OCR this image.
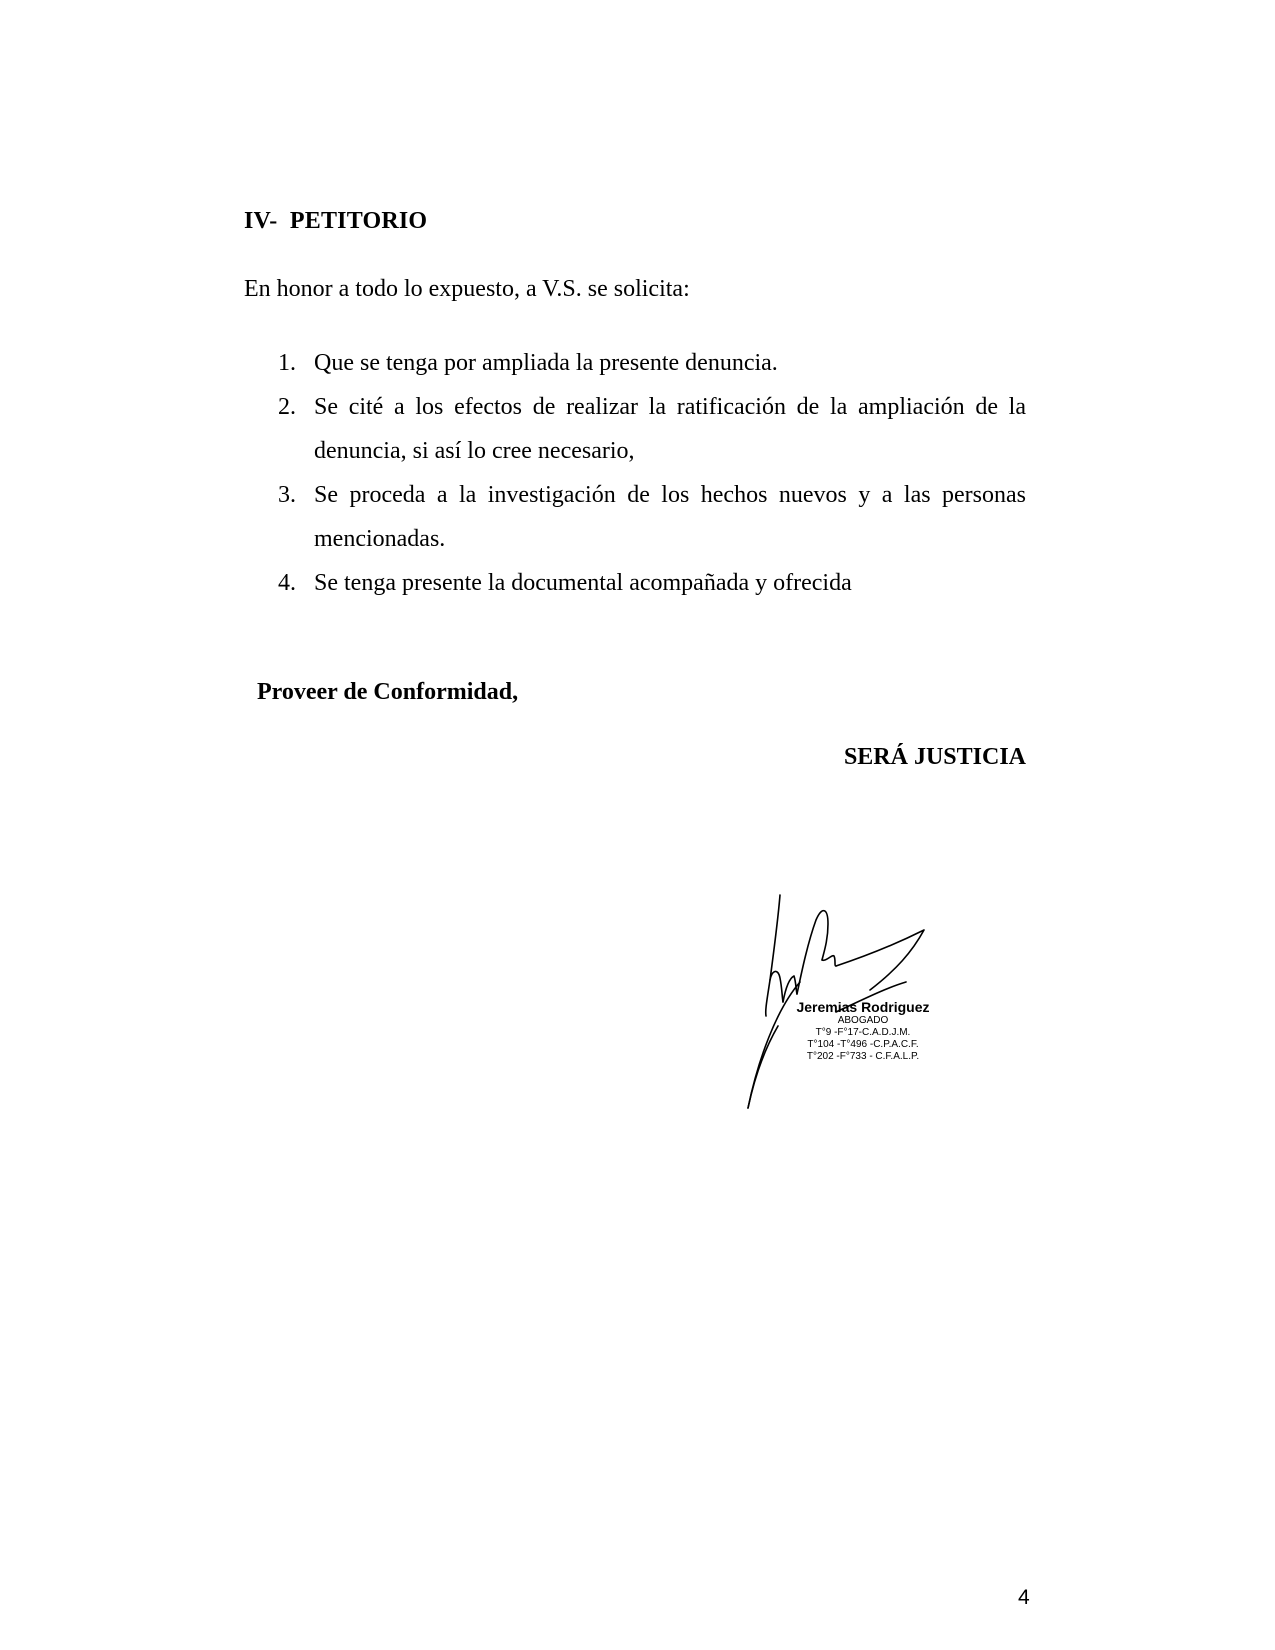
IV-  PETITORIO
En honor a todo lo expuesto, a V.S. se solicita:
1. Que se tenga por ampliada la presente denuncia.
2. Se cité a los efectos de realizar la ratificación de la ampliación de la denuncia, si así lo cree necesario,
3. Se proceda a la investigación de los hechos nuevos y a las personas mencionadas.
4. Se tenga presente la documental acompañada y ofrecida
Proveer de Conformidad,
SERÁ JUSTICIA
Jeremias Rodriguez
ABOGADO
T°9 -F°17-C.A.D.J.M.
T°104 -T°496 -C.P.A.C.F.
T°202 -F°733 - C.F.A.L.P.
4
